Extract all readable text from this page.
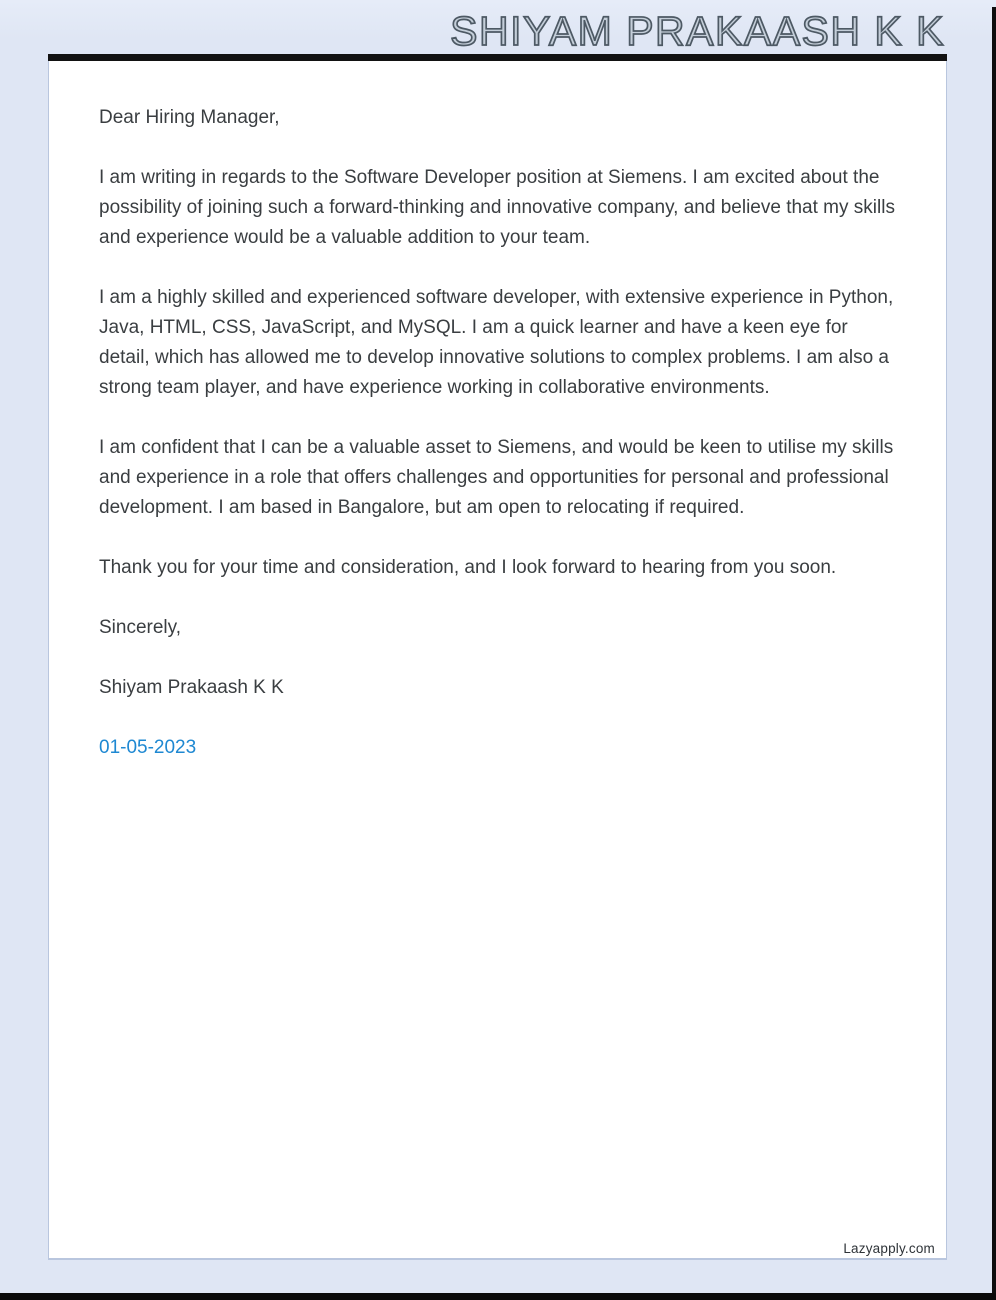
SHIYAM PRAKAASH K K

Dear Hiring Manager,

I am writing in regards to the Software Developer position at Siemens. I am excited about the possibility of joining such a forward-thinking and innovative company, and believe that my skills and experience would be a valuable addition to your team.

I am a highly skilled and experienced software developer, with extensive experience in Python, Java, HTML, CSS, JavaScript, and MySQL. I am a quick learner and have a keen eye for detail, which has allowed me to develop innovative solutions to complex problems. I am also a strong team player, and have experience working in collaborative environments.

I am confident that I can be a valuable asset to Siemens, and would be keen to utilise my skills and experience in a role that offers challenges and opportunities for personal and professional development. I am based in Bangalore, but am open to relocating if required.

Thank you for your time and consideration, and I look forward to hearing from you soon.

Sincerely,

Shiyam Prakaash K K

01-05-2023

Lazyapply.com
